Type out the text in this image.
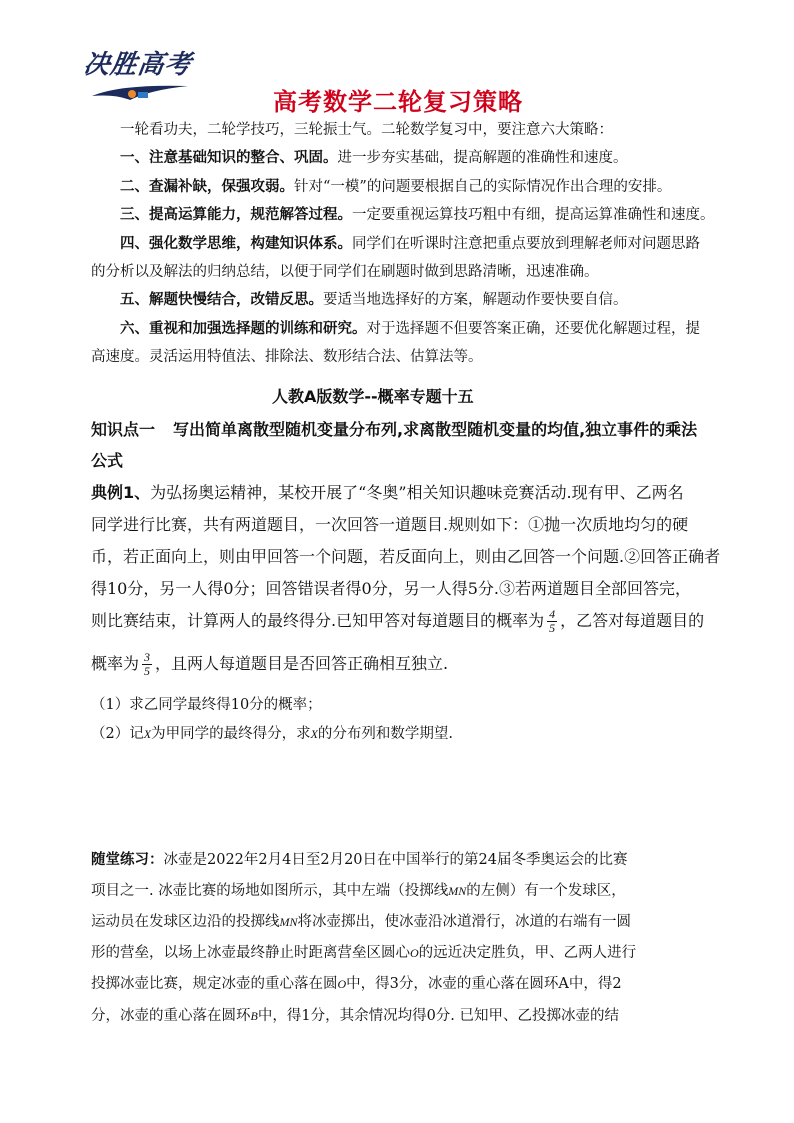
决胜高考
高考数学二轮复习策略
一轮看功夫，二轮学技巧，三轮振士气。二轮数学复习中，要注意六大策略：
一、注意基础知识的整合、巩固。进一步夯实基础，提高解题的准确性和速度。
二、查漏补缺，保强攻弱。针对“一模”的问题要根据自己的实际情况作出合理的安排。
三、提高运算能力，规范解答过程。一定要重视运算技巧粗中有细，提高运算准确性和速度。
四、强化数学思维，构建知识体系。同学们在听课时注意把重点要放到理解老师对问题思路
的分析以及解法的归纳总结，以便于同学们在刷题时做到思路清晰，迅速准确。
五、解题快慢结合，改错反思。要适当地选择好的方案，解题动作要快要自信。
六、重视和加强选择题的训练和研究。对于选择题不但要答案正确，还要优化解题过程，提
高速度。灵活运用特值法、排除法、数形结合法、估算法等。
人教A版数学--概率专题十五
知识点一 写出简单离散型随机变量分布列,求离散型随机变量的均值,独立事件的乘法
公式
典例1、为弘扬奥运精神，某校开展了“冬奥”相关知识趣味竞赛活动.现有甲、乙两名
同学进行比赛，共有两道题目，一次回答一道题目.规则如下：①抛一次质地均匀的硬
币，若正面向上，则由甲回答一个问题，若反面向上，则由乙回答一个问题.②回答正确者
得10分，另一人得0分；回答错误者得0分，另一人得5分.③若两道题目全部回答完，
则比赛结束，计算两人的最终得分.已知甲答对每道题目的概率为 $\frac{4}{5}$ ，乙答对每道题目的
概率为 $\frac{3}{5}$ ，且两人每道题目是否回答正确相互独立.
（1）求乙同学最终得10分的概率；
（2）记X为甲同学的最终得分，求X的分布列和数学期望.
随堂练习：冰壶是2022年2月4日至2月20日在中国举行的第24届冬季奥运会的比赛
项目之一. 冰壶比赛的场地如图所示，其中左端（投掷线MN的左侧）有一个发球区，
运动员在发球区边沿的投掷线MN将冰壶掷出，使冰壶沿冰道滑行，冰道的右端有一圆
形的营垒，以场上冰壶最终静止时距离营垒区圆心O的远近决定胜负，甲、乙两人进行
投掷冰壶比赛，规定冰壶的重心落在圆O中，得3分，冰壶的重心落在圆环A中，得2
分，冰壶的重心落在圆环B中，得1分，其余情况均得0分. 已知甲、乙投掷冰壶的结
